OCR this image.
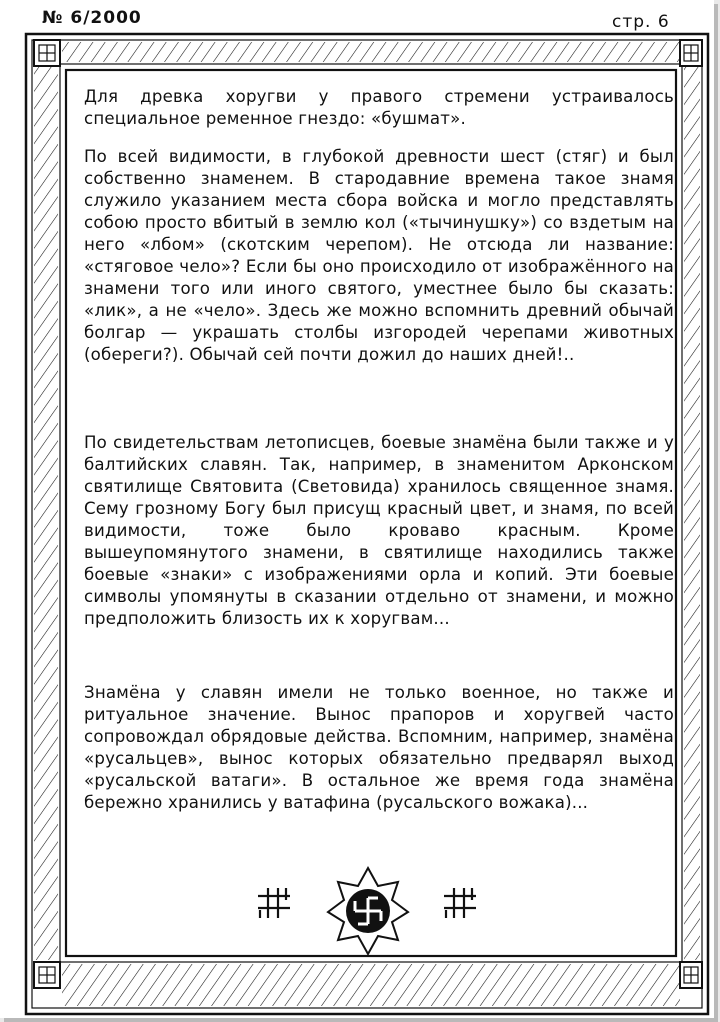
№ 6/2000	стр. 6

Для древка хоругви у правого стремени устраивалось специальное ременное гнездо: «бушмат».

По всей видимости, в глубокой древности шест (стяг) и был собственно знаменем. В стародавние времена такое знамя служило указанием места сбора войска и могло представлять собою просто вбитый в землю кол («тычинушку») со вздетым на него «лбом» (скотским черепом). Не отсюда ли название: «стяговое чело»? Если бы оно происходило от изображённого на знамени того или иного святого, уместнее было бы сказать: «лик», а не «чело». Здесь же можно вспомнить древний обычай болгар — украшать столбы изгородей черепами животных (обереги?). Обычай сей почти дожил до наших дней!..

По свидетельствам летописцев, боевые знамёна были также и у балтийских славян. Так, например, в знаменитом Арконском святилище Святовита (Световида) хранилось священное знамя. Сему грозному Богу был присущ красный цвет, и знамя, по всей видимости, тоже было кроваво красным. Кроме вышеупомянутого знамени, в святилище находились также боевые «знаки» с изображениями орла и копий. Эти боевые символы упомянуты в сказании отдельно от знамени, и можно предположить близость их к хоругвам...

Знамёна у славян имели не только военное, но также и ритуальное значение. Вынос прапоров и хоругвей часто сопровождал обрядовые действа. Вспомним, например, знамёна «русальцев», вынос которых обязательно предварял выход «русальской ватаги». В остальное же время года знамёна бережно хранились у ватафина (русальского вожака)...
